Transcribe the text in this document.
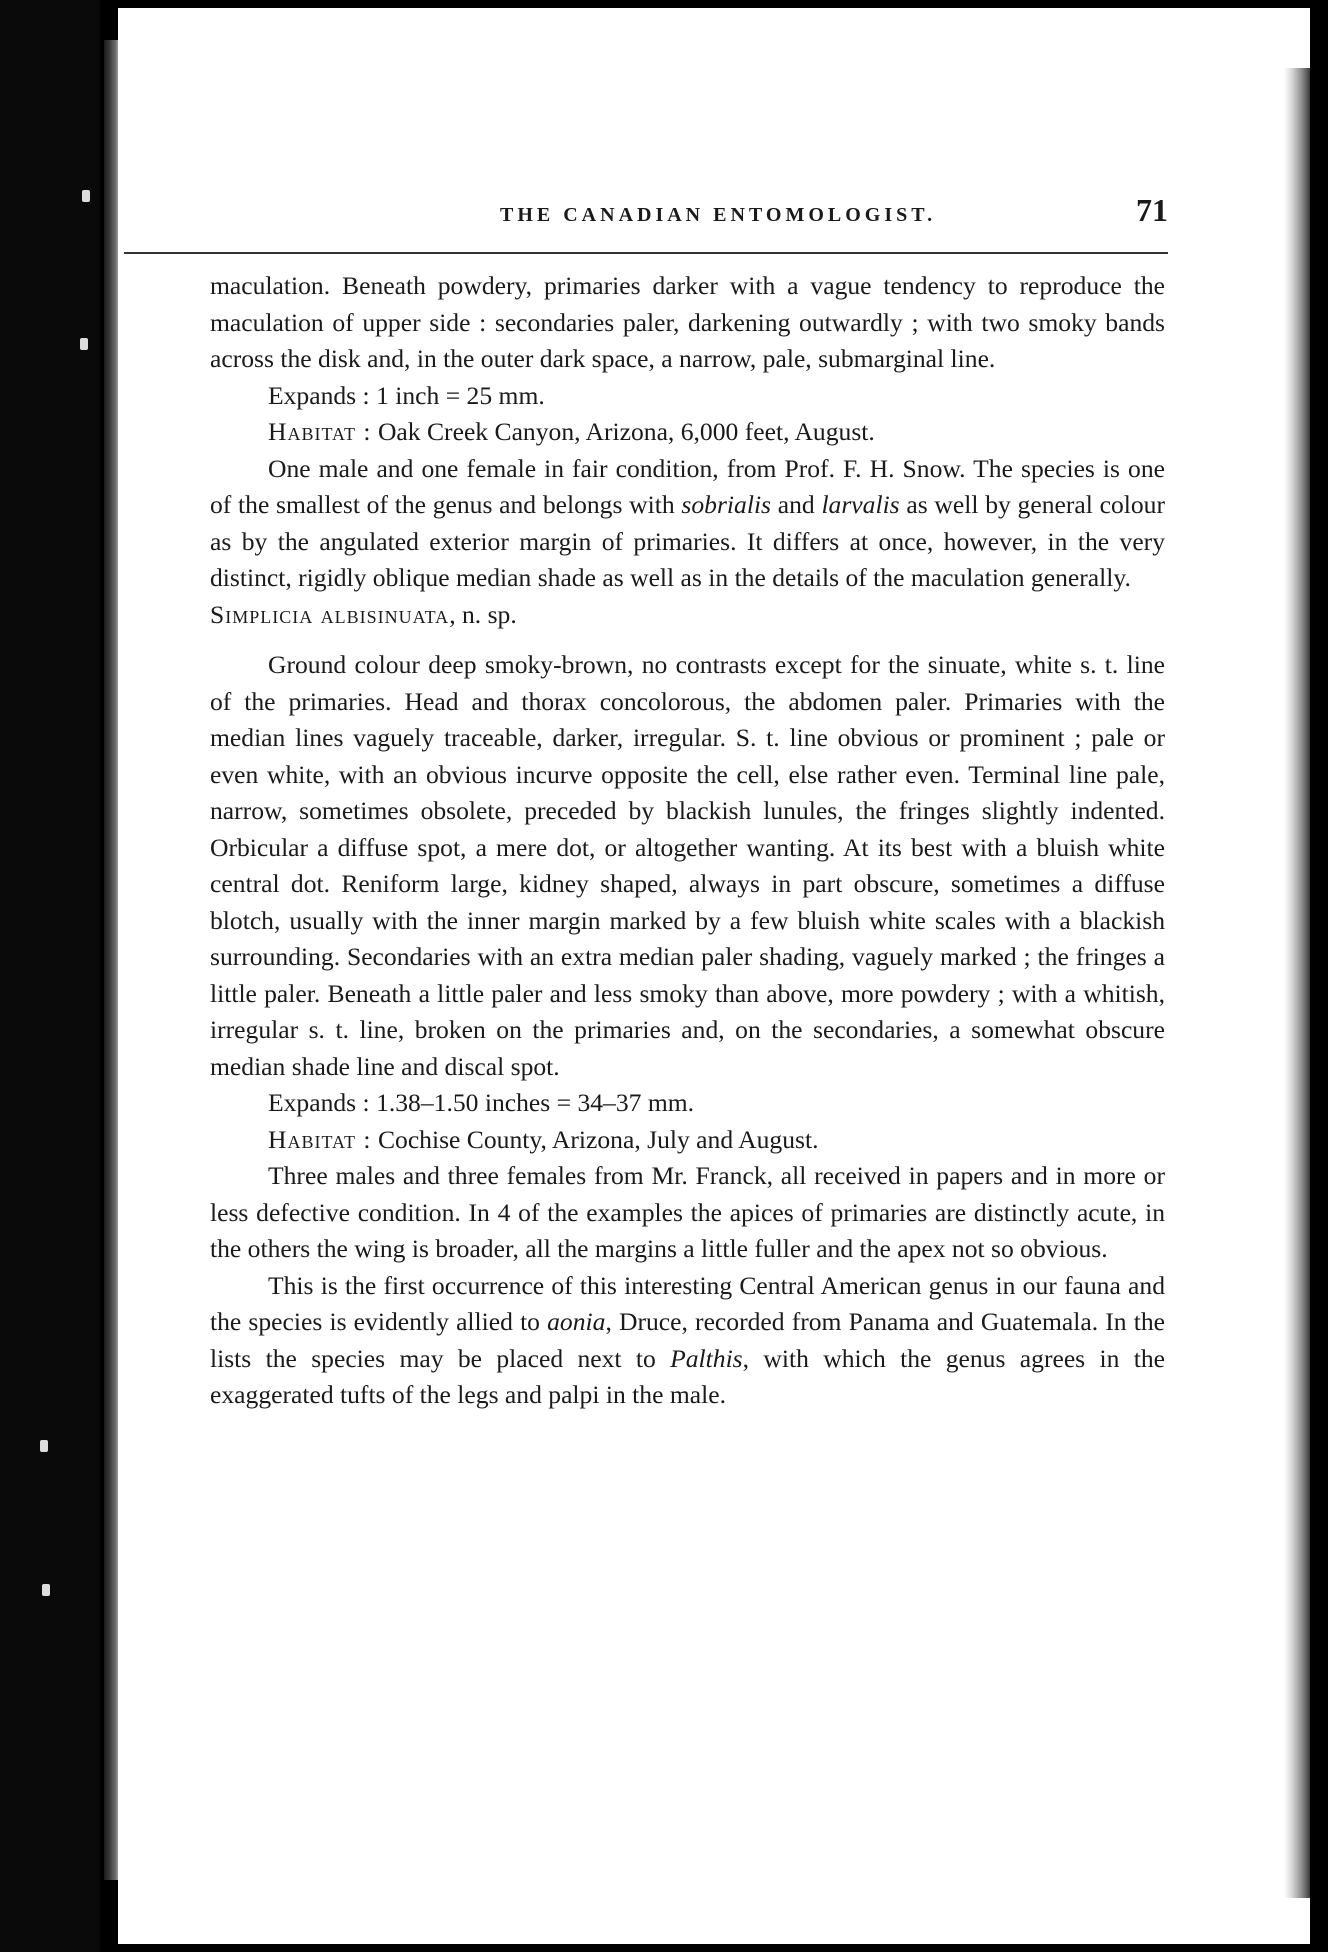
THE CANADIAN ENTOMOLOGIST.	71

maculation. Beneath powdery, primaries darker with a vague tendency to reproduce the maculation of upper side : secondaries paler, darkening outwardly ; with two smoky bands across the disk and, in the outer dark space, a narrow, pale, submarginal line.

Expands : 1 inch = 25 mm.

Habitat : Oak Creek Canyon, Arizona, 6,000 feet, August.

One male and one female in fair condition, from Prof. F. H. Snow. The species is one of the smallest of the genus and belongs with sobrialis and larvalis as well by general colour as by the angulated exterior margin of primaries. It differs at once, however, in the very distinct, rigidly oblique median shade as well as in the details of the maculation generally.

Simplicia albisinuata, n. sp.

Ground colour deep smoky-brown, no contrasts except for the sinuate, white s. t. line of the primaries. Head and thorax concolorous, the abdomen paler. Primaries with the median lines vaguely traceable, darker, irregular. S. t. line obvious or prominent ; pale or even white, with an obvious incurve opposite the cell, else rather even. Terminal line pale, narrow, sometimes obsolete, preceded by blackish lunules, the fringes slightly indented. Orbicular a diffuse spot, a mere dot, or altogether wanting. At its best with a bluish white central dot. Reniform large, kidney shaped, always in part obscure, sometimes a diffuse blotch, usually with the inner margin marked by a few bluish white scales with a blackish surrounding. Secondaries with an extra median paler shading, vaguely marked ; the fringes a little paler. Beneath a little paler and less smoky than above, more powdery ; with a whitish, irregular s. t. line, broken on the primaries and, on the secondaries, a somewhat obscure median shade line and discal spot.

Expands : 1.38–1.50 inches = 34–37 mm.

Habitat : Cochise County, Arizona, July and August.

Three males and three females from Mr. Franck, all received in papers and in more or less defective condition. In 4 of the examples the apices of primaries are distinctly acute, in the others the wing is broader, all the margins a little fuller and the apex not so obvious.

This is the first occurrence of this interesting Central American genus in our fauna and the species is evidently allied to aonia, Druce, recorded from Panama and Guatemala. In the lists the species may be placed next to Palthis, with which the genus agrees in the exaggerated tufts of the legs and palpi in the male.
